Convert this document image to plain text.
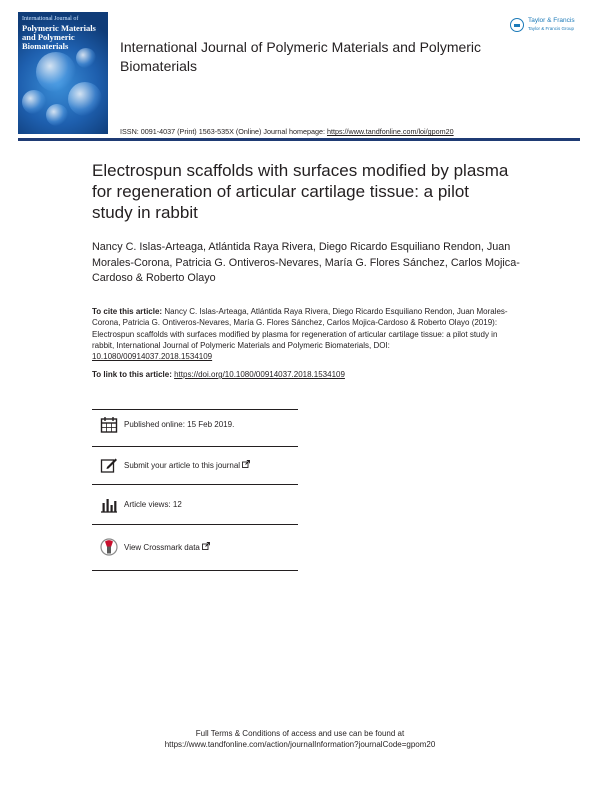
International Journal of
Polymeric Materials and Polymeric Biomaterials	International Journal of Polymeric Materials and Polymeric Biomaterials
Taylor & Francis
Taylor & Francis Group
ISSN: 0091-4037 (Print) 1563-535X (Online) Journal homepage: https://www.tandfonline.com/loi/gpom20
Electrospun scaffolds with surfaces modified by plasma for regeneration of articular cartilage tissue: a pilot study in rabbit
Nancy C. Islas-Arteaga, Atlántida Raya Rivera, Diego Ricardo Esquiliano Rendon, Juan Morales-Corona, Patricia G. Ontiveros-Nevares, María G. Flores Sánchez, Carlos Mojica-Cardoso & Roberto Olayo
To cite this article: Nancy C. Islas-Arteaga, Atlántida Raya Rivera, Diego Ricardo Esquiliano Rendon, Juan Morales-Corona, Patricia G. Ontiveros-Nevares, María G. Flores Sánchez, Carlos Mojica-Cardoso & Roberto Olayo (2019): Electrospun scaffolds with surfaces modified by plasma for regeneration of articular cartilage tissue: a pilot study in rabbit, International Journal of Polymeric Materials and Polymeric Biomaterials, DOI: 10.1080/00914037.2018.1534109
To link to this article: https://doi.org/10.1080/00914037.2018.1534109
Published online: 15 Feb 2019.
Submit your article to this journal
Article views: 12
View Crossmark data
Full Terms & Conditions of access and use can be found at
https://www.tandfonline.com/action/journalInformation?journalCode=gpom20
